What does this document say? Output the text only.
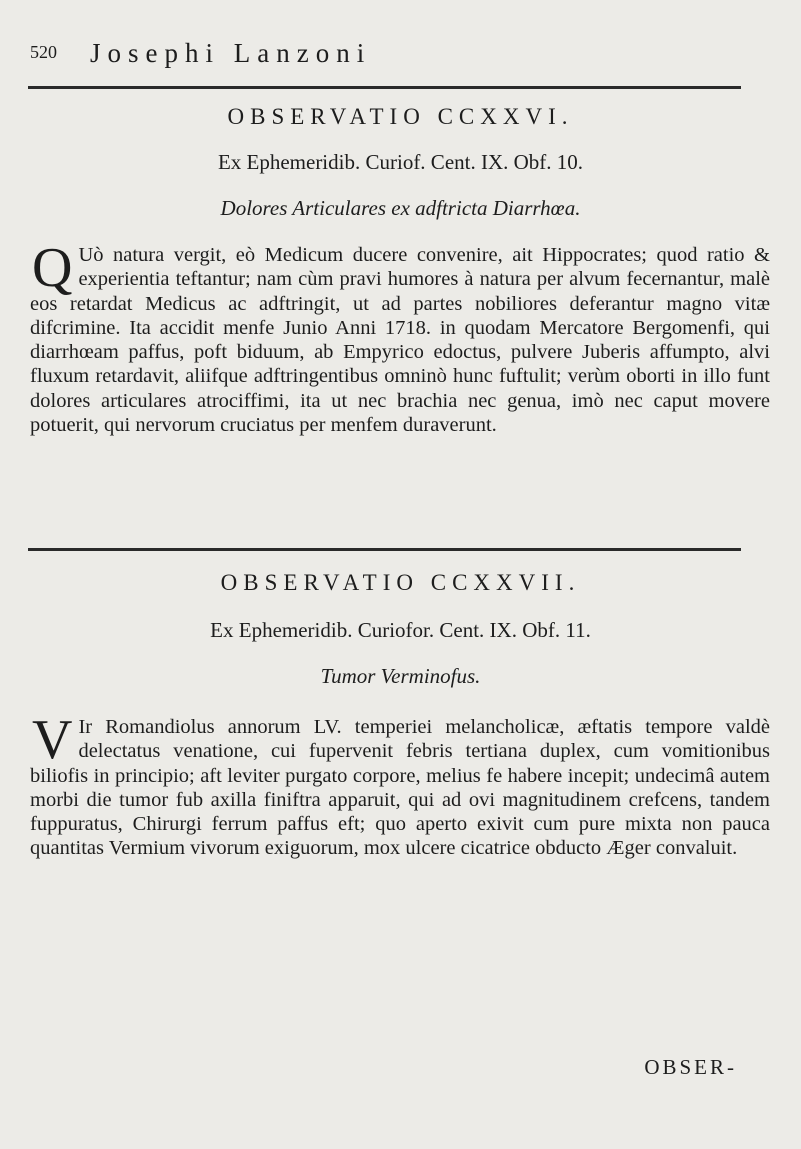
520 Josephi Lanzoni
OBSERVATIO CCXXVI.
Ex Ephemeridib. Curiof. Cent. IX. Obf. 10.
Dolores Articulares ex adftricta Diarrhœa.
Q Uò natura vergit, eò Medicum ducere convenire, ait Hippocrates; quod ratio & experientia teftantur; nam cùm pravi humores à natura per alvum fecernantur, malè eos retardat Medicus ac adftringit, ut ad partes nobiliores deferantur magno vitæ difcrimine. Ita accidit menfe Junio Anni 1718. in quodam Mercatore Bergomenfi, qui diarrhœam paffus, poft biduum, ab Empyrico edoctus, pulvere Juberis affumpto, alvi fluxum retardavit, aliifque adftringentibus omninò hunc fuftulit; verùm oborti in illo funt dolores articulares atrociffimi, ita ut nec brachia nec genua, imò nec caput movere potuerit, qui nervorum cruciatus per menfem duraverunt.

OBSERVATIO CCXXVII.
Ex Ephemeridib. Curiofor. Cent. IX. Obf. 11.
Tumor Verminofus.
V Ir Romandiolus annorum LV. temperiei melancholicæ, æftatis tempore valdè delectatus venatione, cui fupervenit febris tertiana duplex, cum vomitionibus biliofis in principio; aft leviter purgato corpore, melius fe habere incepit; undecimâ autem morbi die tumor fub axilla finiftra apparuit, qui ad ovi magnitudinem crefcens, tandem fuppuratus, Chirurgi ferrum paffus eft; quo aperto exivit cum pure mixta non pauca quantitas Vermium vivorum exiguorum, mox ulcere cicatrice obducto Æger convaluit.

OBSER-
